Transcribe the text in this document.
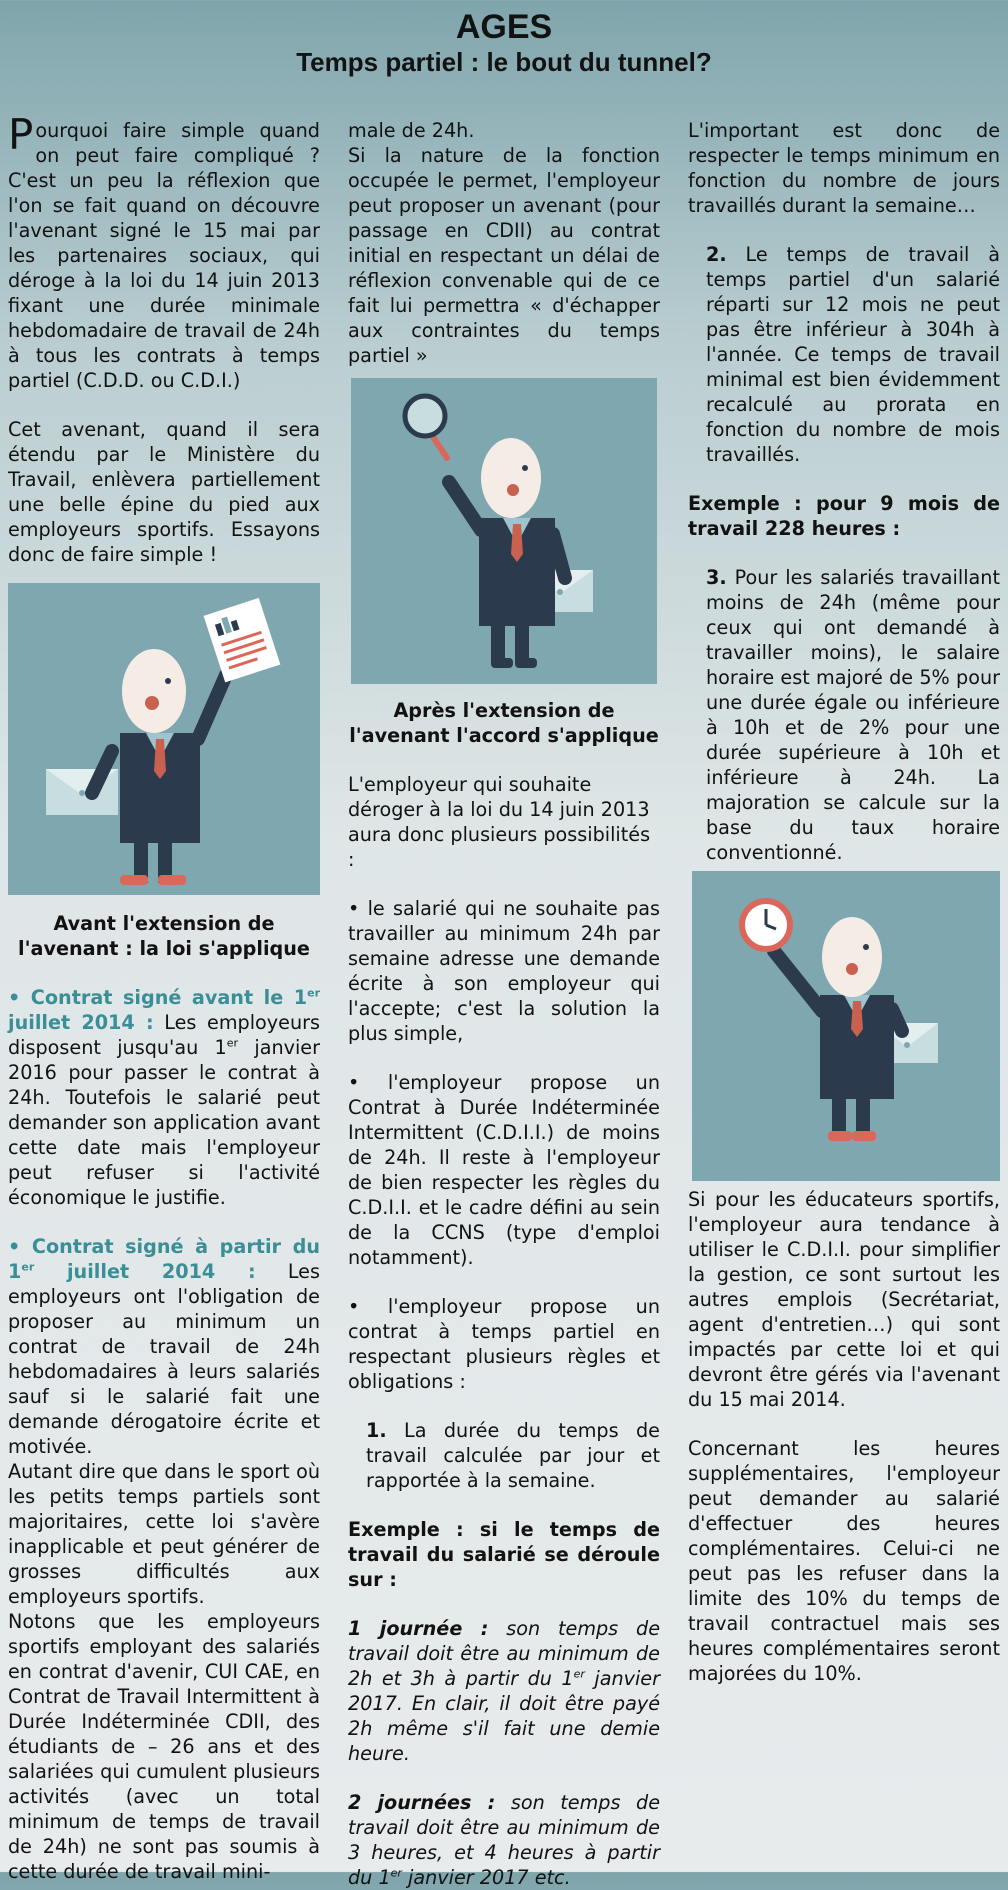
AGES
Temps partiel : le bout du tunnel?

Pourquoi faire simple quand on peut faire compliqué ? C'est un peu la réflexion que l'on se fait quand on découvre l'avenant signé le 15 mai par les partenaires sociaux, qui déroge à la loi du 14 juin 2013 fixant une durée minimale hebdomadaire de travail de 24h à tous les contrats à temps partiel (C.D.D. ou C.D.I.)

Cet avenant, quand il sera étendu par le Ministère du Travail, enlèvera partiellement une belle épine du pied aux employeurs sportifs. Essayons donc de faire simple !

Avant l'extension de l'avenant : la loi s'applique

• Contrat signé avant le 1er juillet 2014 : Les employeurs disposent jusqu'au 1er janvier 2016 pour passer le contrat à 24h. Toutefois le salarié peut demander son application avant cette date mais l'employeur peut refuser si l'activité économique le justifie.

• Contrat signé à partir du 1er juillet 2014 : Les employeurs ont l'obligation de proposer au minimum un contrat de travail de 24h hebdomadaires à leurs salariés sauf si le salarié fait une demande dérogatoire écrite et motivée.

Autant dire que dans le sport où les petits temps partiels sont majoritaires, cette loi s'avère inapplicable et peut générer de grosses difficultés aux employeurs sportifs.

Notons que les employeurs sportifs employant des salariés en contrat d'avenir, CUI CAE, en Contrat de Travail Intermittent à Durée Indéterminée CDII, des étudiants de – 26 ans et des salariées qui cumulent plusieurs activités (avec un total minimum de temps de travail de 24h) ne sont pas soumis à cette durée de travail mini-

male de 24h.

Si la nature de la fonction occupée le permet, l'employeur peut proposer un avenant (pour passage en CDII) au contrat initial en respectant un délai de réflexion convenable qui de ce fait lui permettra « d'échapper aux contraintes du temps partiel »

Après l'extension de l'avenant l'accord s'applique

L'employeur qui souhaite déroger à la loi du 14 juin 2013 aura donc plusieurs possibilités :

• le salarié qui ne souhaite pas travailler au minimum 24h par semaine adresse une demande écrite à son employeur qui l'accepte; c'est la solution la plus simple,

• l'employeur propose un Contrat à Durée Indéterminée Intermittent (C.D.I.I.) de moins de 24h. Il reste à l'employeur de bien respecter les règles du C.D.I.I. et le cadre défini au sein de la CCNS (type d'emploi notamment).

• l'employeur propose un contrat à temps partiel en respectant plusieurs règles et obligations :

1. La durée du temps de travail calculée par jour et rapportée à la semaine.

Exemple : si le temps de travail du salarié se déroule sur :

1 journée : son temps de travail doit être au minimum de 2h et 3h à partir du 1er janvier 2017. En clair, il doit être payé 2h même s'il fait une demie heure.

2 journées : son temps de travail doit être au minimum de 3 heures, et 4 heures à partir du 1er janvier 2017 etc.

L'important est donc de respecter le temps minimum en fonction du nombre de jours travaillés durant la semaine…

2. Le temps de travail à temps partiel d'un salarié réparti sur 12 mois ne peut pas être inférieur à 304h à l'année. Ce temps de travail minimal est bien évidemment recalculé au prorata en fonction du nombre de mois travaillés.

Exemple : pour 9 mois de travail 228 heures :

3. Pour les salariés travaillant moins de 24h (même pour ceux qui ont demandé à travailler moins), le salaire horaire est majoré de 5% pour une durée égale ou inférieure à 10h et de 2% pour une durée supérieure à 10h et inférieure à 24h. La majoration se calcule sur la base du taux horaire conventionné.

Si pour les éducateurs sportifs, l'employeur aura tendance à utiliser le C.D.I.I. pour simplifier la gestion, ce sont surtout les autres emplois (Secrétariat, agent d'entretien…) qui sont impactés par cette loi et qui devront être gérés via l'avenant du 15 mai 2014.

Concernant les heures supplémentaires, l'employeur peut demander au salarié d'effectuer des heures complémentaires. Celui-ci ne peut pas les refuser dans la limite des 10% du temps de travail contractuel mais ses heures complémentaires seront majorées du 10%.
